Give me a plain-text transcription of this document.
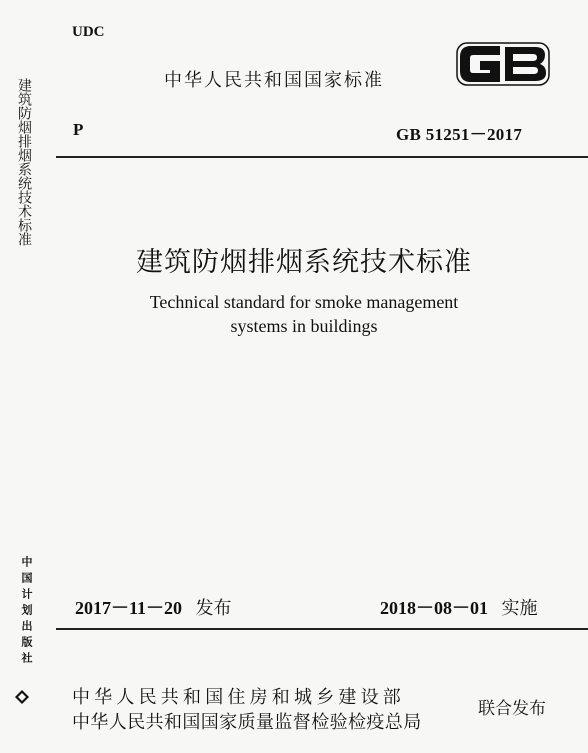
建筑防烟排烟系统技术标准
中国计划出版社
UDC
中华人民共和国国家标准
P	GB 51251－2017
建筑防烟排烟系统技术标准
Technical standard for smoke management
systems in buildings
2017－11－20 发布	2018－08－01 实施
中华人民共和国住房和城乡建设部
中华人民共和国国家质量监督检验检疫总局
联合发布
